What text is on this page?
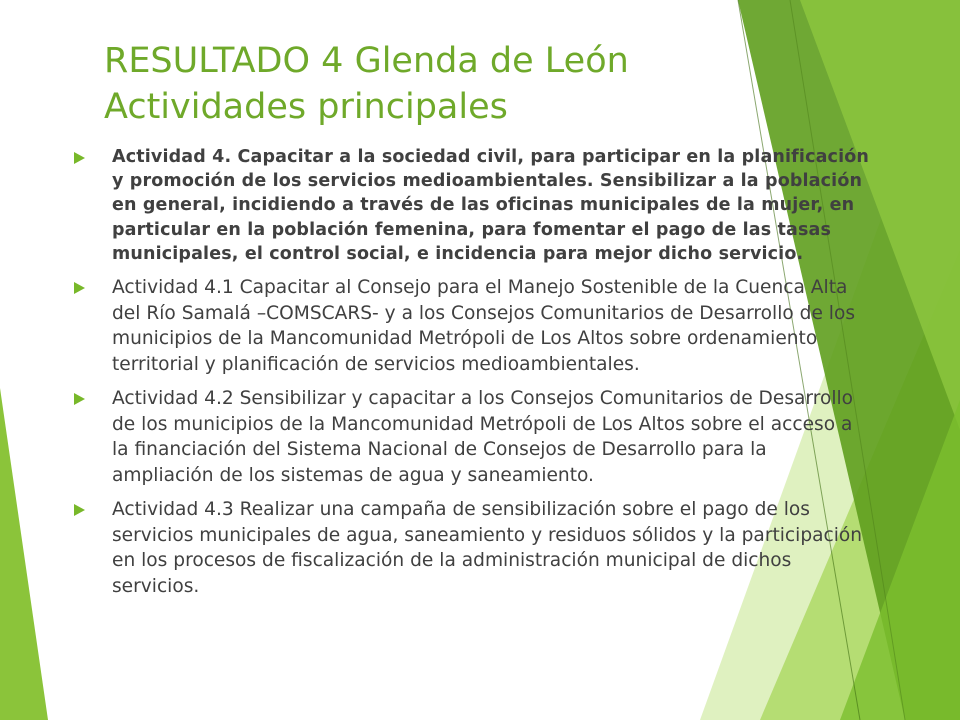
RESULTADO 4 Glenda de León
Actividades principales
Actividad 4. Capacitar a la sociedad civil, para participar en la planificación
y promoción de los servicios medioambientales. Sensibilizar a la población
en general, incidiendo a través de las oficinas municipales de la mujer, en
particular en la población femenina, para fomentar el pago de las tasas
municipales, el control social, e incidencia para mejor dicho servicio.
Actividad 4.1 Capacitar al Consejo para el Manejo Sostenible de la Cuenca Alta
del Río Samalá –COMSCARS- y a los Consejos Comunitarios de Desarrollo de los
municipios de la Mancomunidad Metrópoli de Los Altos sobre ordenamiento
territorial y planificación de servicios medioambientales.
Actividad 4.2 Sensibilizar y capacitar a los Consejos Comunitarios de Desarrollo
de los municipios de la Mancomunidad Metrópoli de Los Altos sobre el acceso a
la financiación del Sistema Nacional de Consejos de Desarrollo para la
ampliación de los sistemas de agua y saneamiento.
Actividad 4.3 Realizar una campaña de sensibilización sobre el pago de los
servicios municipales de agua, saneamiento y residuos sólidos y la participación
en los procesos de fiscalización de la administración municipal de dichos
servicios.
